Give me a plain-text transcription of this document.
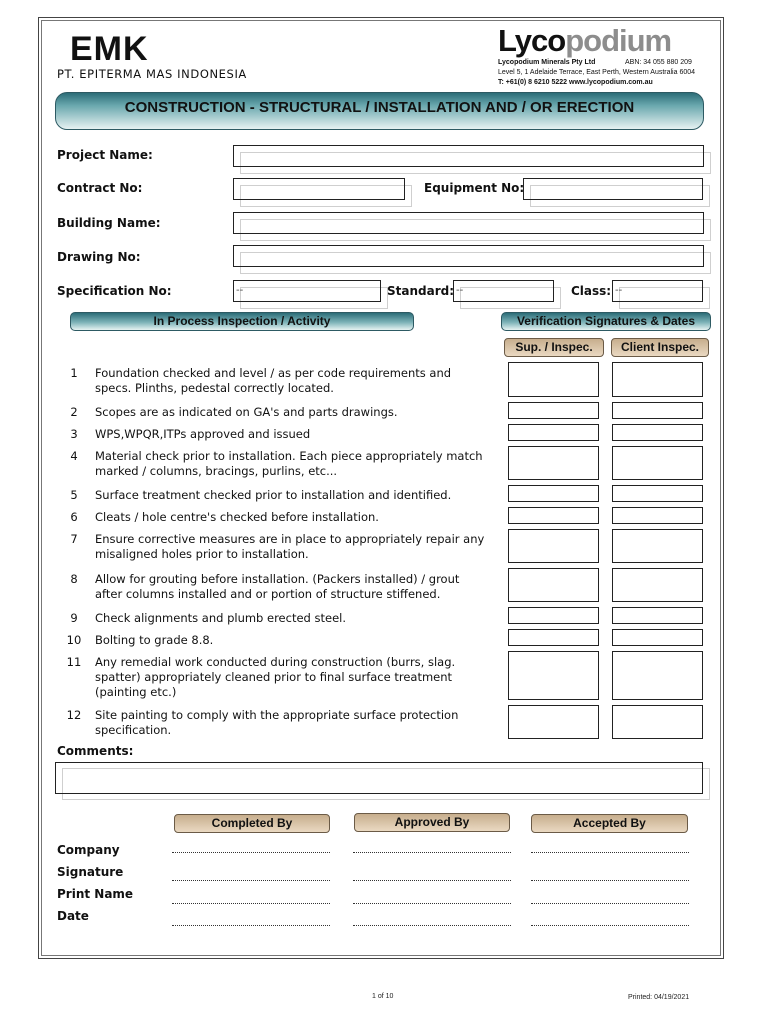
EMK
PT. EPITERMA MAS INDONESIA
Lycopodium
Lycopodium Minerals Pty Ltd	ABN: 34 055 880 209
Level 5, 1 Adelaide Terrace, East Perth, Western Australia 6004
T: +61(0) 8 6210 5222 www.lycopodium.com.au
CONSTRUCTION - STRUCTURAL / INSTALLATION AND / OR ERECTION
Project Name:
Contract No:	Equipment No:
Building Name:
Drawing No:
Specification No:	--	Standard: --	Class: --
In Process Inspection / Activity	Verification Signatures & Dates
Sup. / Inspec.	Client Inspec.
1	Foundation checked and level / as per code requirements and specs. Plinths, pedestal correctly located.
2	Scopes are as indicated on GA's and parts drawings.
3	WPS,WPQR,ITPs approved and issued
4	Material check prior to installation. Each piece appropriately match marked / columns, bracings, purlins, etc...
5	Surface treatment checked prior to installation and identified.
6	Cleats / hole centre's checked before installation.
7	Ensure corrective measures are in place to appropriately repair any misaligned holes prior to installation.
8	Allow for grouting before installation. (Packers installed) / grout after columns installed and or portion of structure stiffened.
9	Check alignments and plumb erected steel.
10 Bolting to grade 8.8.
11 Any remedial work conducted during construction (burrs, slag. spatter) appropriately cleaned prior to final surface treatment (painting etc.)
12 Site painting to comply with the appropriate surface protection specification.
Comments:
Completed By	Approved By	Accepted By
Company
Signature
Print Name
Date
1 of 10	Printed: 04/19/2021
